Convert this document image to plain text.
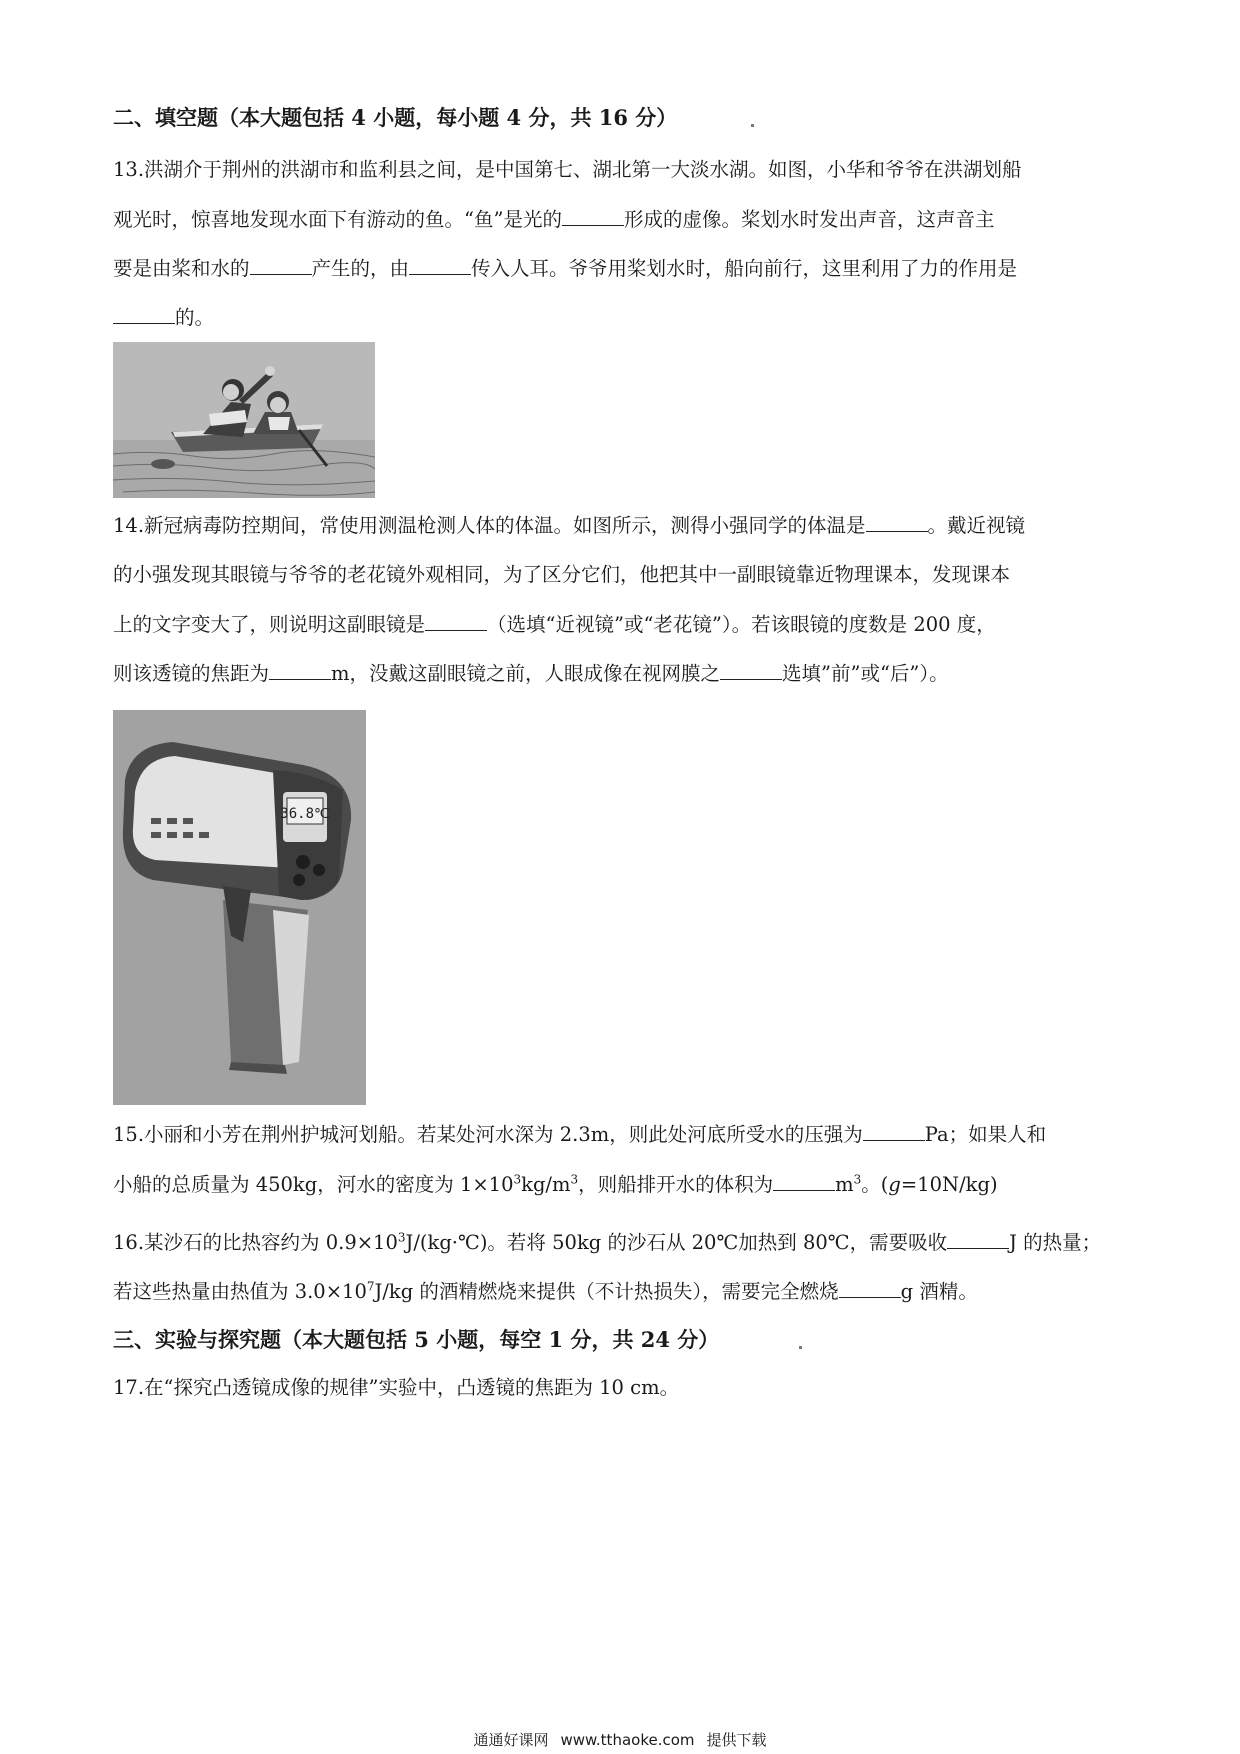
二、填空题（本大题包括 4 小题，每小题 4 分，共 16 分）
13.洪湖介于荆州的洪湖市和监利县之间，是中国第七、湖北第一大淡水湖。如图，小华和爷爷在洪湖划船
观光时，惊喜地发现水面下有游动的鱼。“鱼”是光的	形成的虚像。桨划水时发出声音，这声音主
要是由桨和水的	产生的，由	传入人耳。爷爷用桨划水时，船向前行，这里利用了力的作用是
的。
14.新冠病毒防控期间，常使用测温枪测人体的体温。如图所示，测得小强同学的体温是	。戴近视镜
的小强发现其眼镜与爷爷的老花镜外观相同，为了区分它们，他把其中一副眼镜靠近物理课本，发现课本
上的文字变大了，则说明这副眼镜是	（选填“近视镜”或“老花镜”）。若该眼镜的度数是 200 度，
则该透镜的焦距为	m，没戴这副眼镜之前，人眼成像在视网膜之	选填”前”或“后”）。
36.8℃
15.小丽和小芳在荆州护城河划船。若某处河水深为 2.3m，则此处河底所受水的压强为	Pa；如果人和
小船的总质量为 450kg，河水的密度为 $1\times 10^3kg/m^3$，则船排开水的体积为	$m^3$。(g=10N/kg)
16.某沙石的比热容约为 $0.9\times 10^3J/(kg\cdot℃)$。若将 50kg 的沙石从 20℃加热到 80℃，需要吸收	J 的热量；
若这些热量由热值为 $3.0\times 10^7J/kg$ 的酒精燃烧来提供（不计热损失），需要完全燃烧	g 酒精。
三、实验与探究题（本大题包括 5 小题，每空 1 分，共 24 分）
17.在“探究凸透镜成像的规律”实验中，凸透镜的焦距为 10 cm。
通通好课网 www.tthaoke.com 提供下载
